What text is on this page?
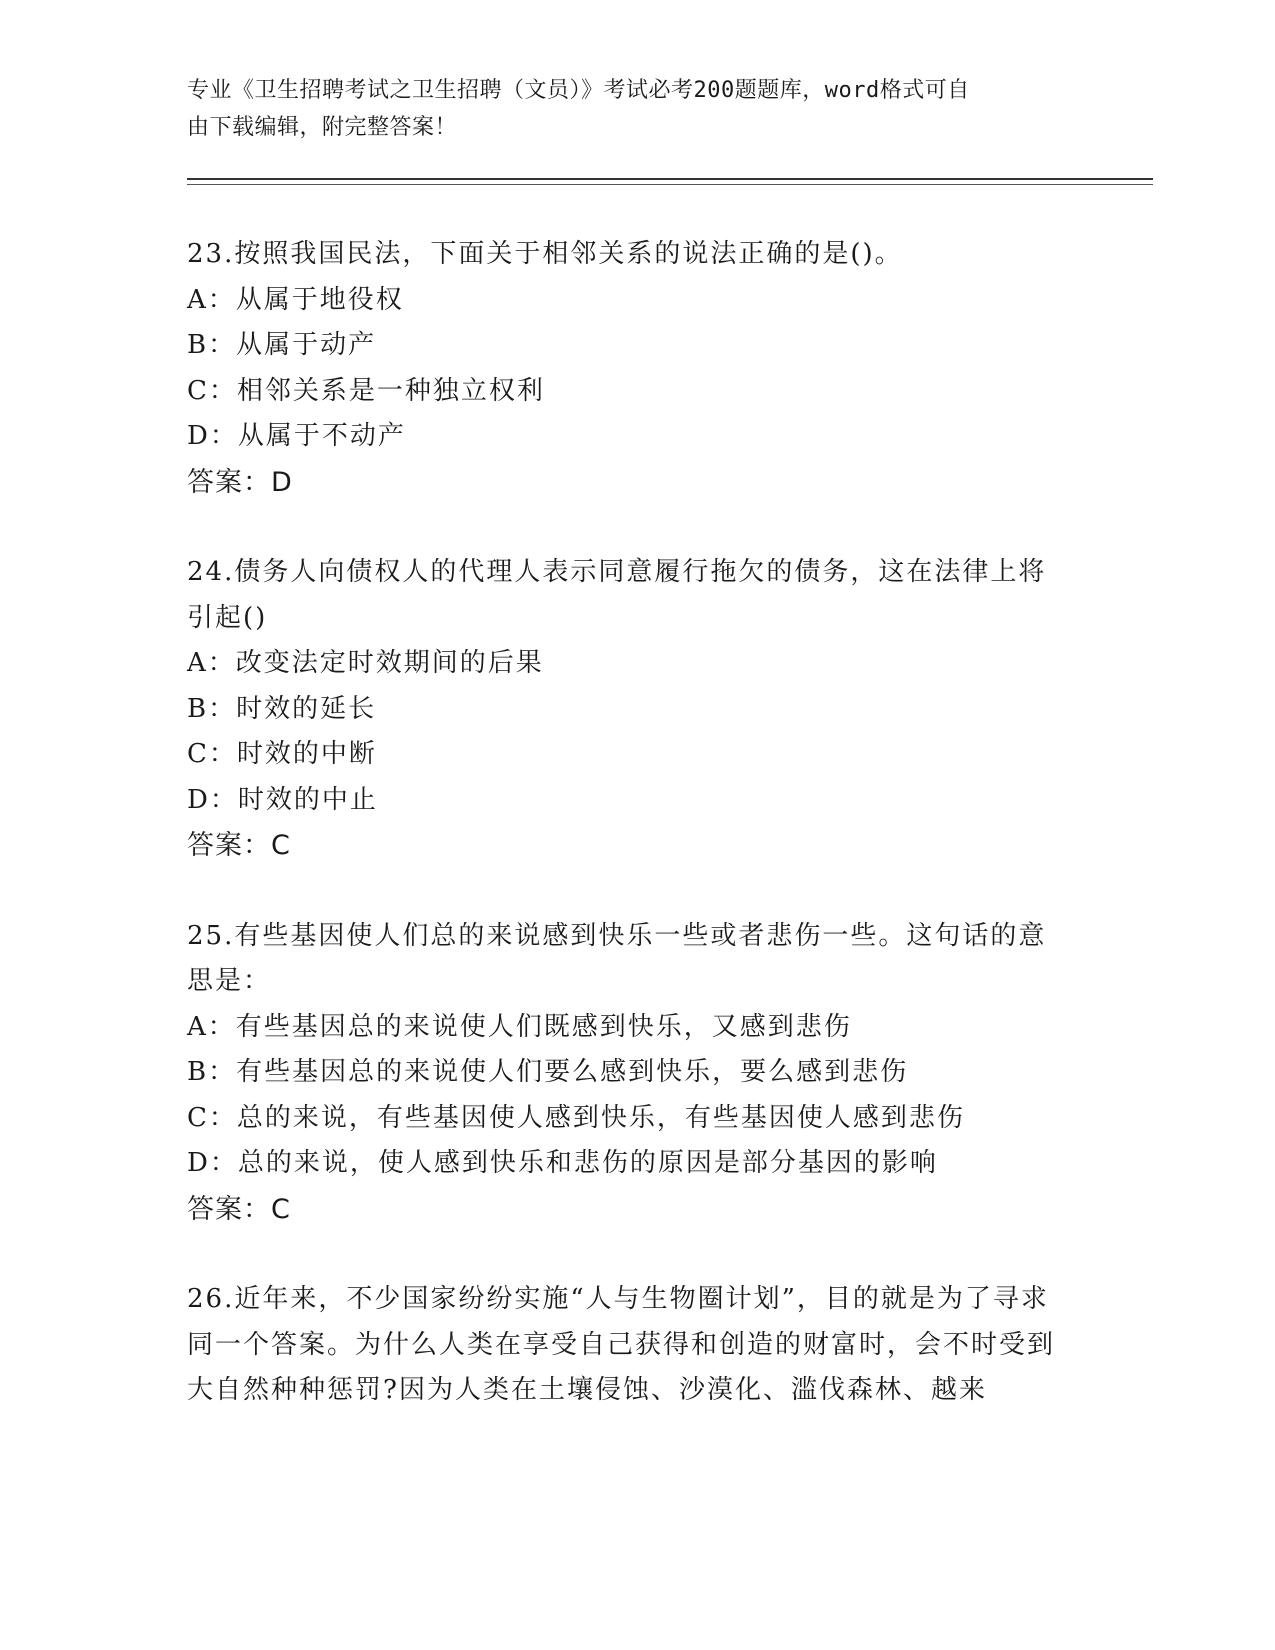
专业《卫生招聘考试之卫生招聘（文员）》考试必考200题题库，word格式可自
由下载编辑，附完整答案！

23.按照我国民法，下面关于相邻关系的说法正确的是()。

A：从属于地役权

B：从属于动产

C：相邻关系是一种独立权利

D：从属于不动产

答案：D

24.债务人向债权人的代理人表示同意履行拖欠的债务，这在法律上将引起()

A：改变法定时效期间的后果

B：时效的延长

C：时效的中断

D：时效的中止

答案：C

25.有些基因使人们总的来说感到快乐一些或者悲伤一些。这句话的意思是：

A：有些基因总的来说使人们既感到快乐，又感到悲伤

B：有些基因总的来说使人们要么感到快乐，要么感到悲伤

C：总的来说，有些基因使人感到快乐，有些基因使人感到悲伤

D：总的来说，使人感到快乐和悲伤的原因是部分基因的影响

答案：C

26.近年来，不少国家纷纷实施“人与生物圈计划”，目的就是为了寻求同一个答案。为什么人类在享受自己获得和创造的财富时，会不时受到大自然种种惩罚?因为人类在土壤侵蚀、沙漠化、滥伐森林、越来
